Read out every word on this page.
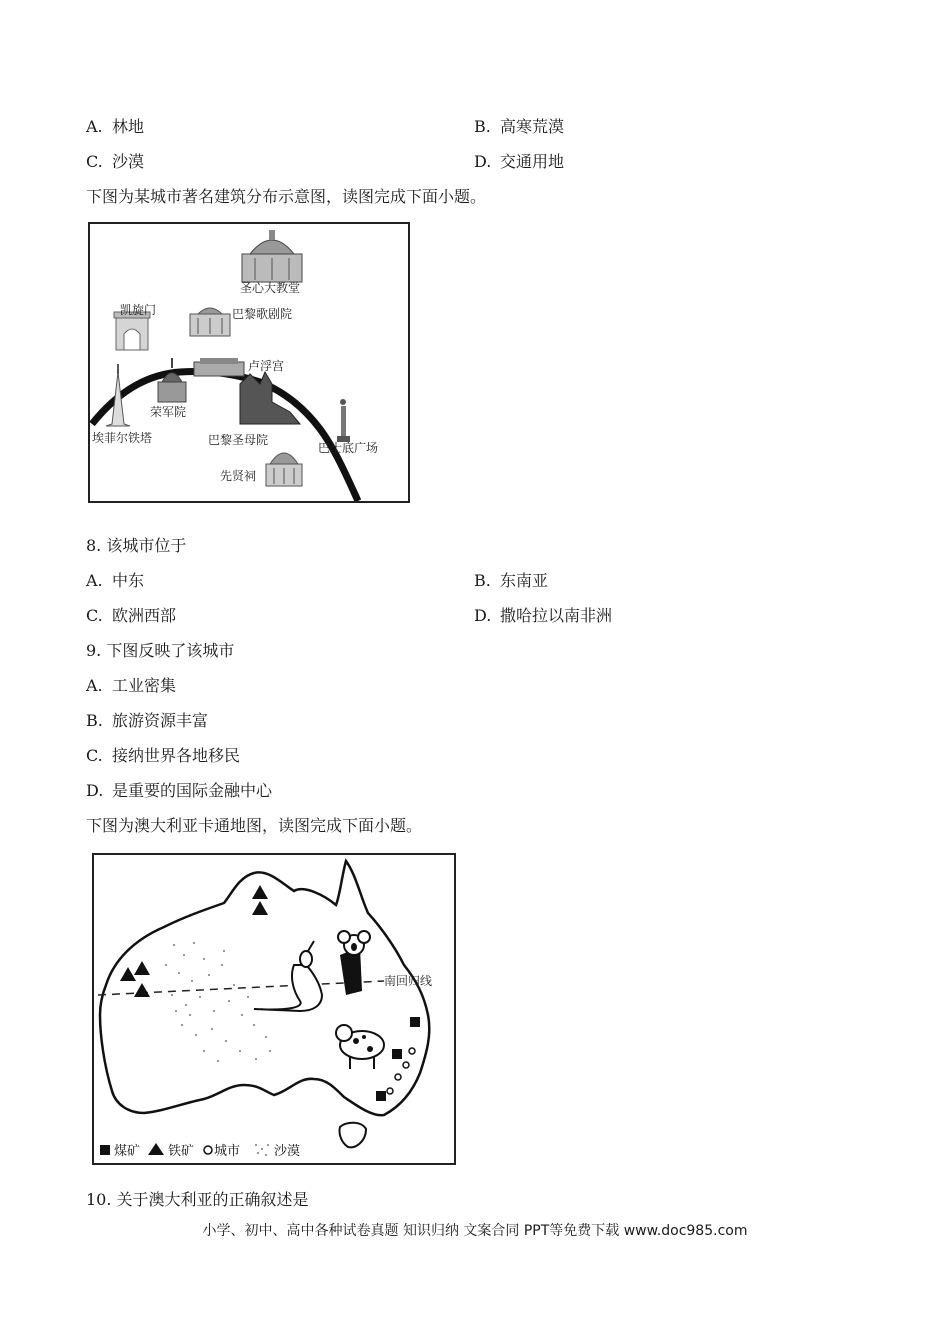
A. 林地	B. 高寒荒漠
C. 沙漠	D. 交通用地
下图为某城市著名建筑分布示意图，读图完成下面小题。
圣心大教堂
凯旋门	巴黎歌剧院
卢浮宫
埃菲尔铁塔
荣军院
巴黎圣母院
巴士底广场
先贤祠
8. 该城市位于
A. 中东	B. 东南亚
C. 欧洲西部	D. 撒哈拉以南非洲
9. 下图反映了该城市
A. 工业密集
B. 旅游资源丰富
C. 接纳世界各地移民
D. 是重要的国际金融中心
下图为澳大利亚卡通地图，读图完成下面小题。
南回归线
煤矿 铁矿 城市	沙漠
10. 关于澳大利亚的正确叙述是
小学、初中、高中各种试卷真题 知识归纳 文案合同 PPT等免费下载 www.doc985.com
